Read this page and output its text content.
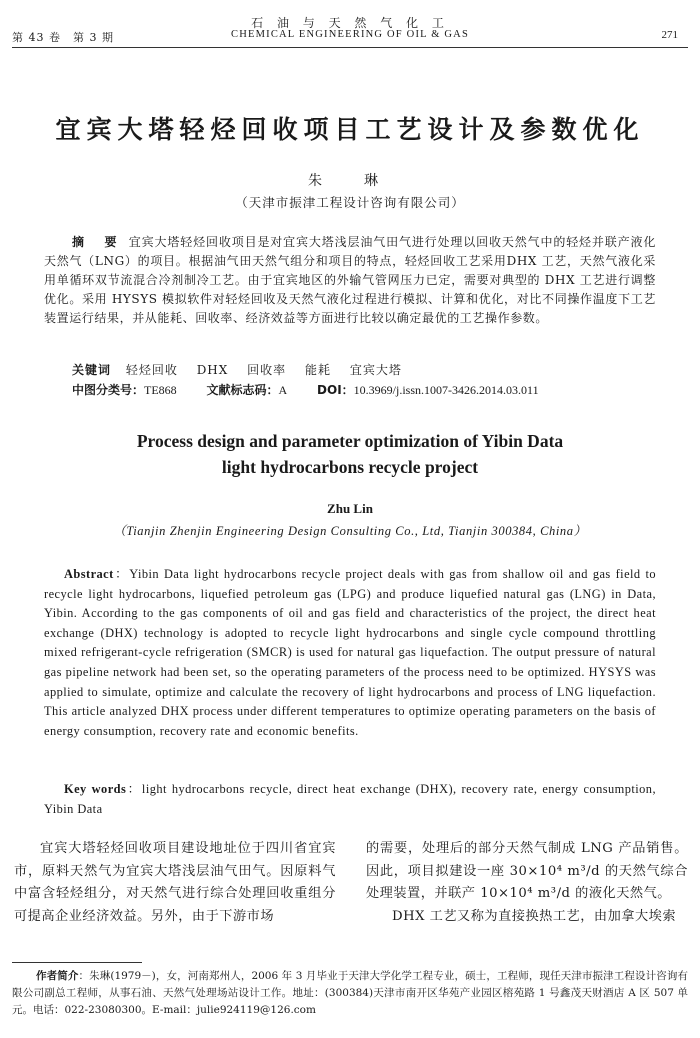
第 43 卷　第 3 期
石 油 与 天 然 气 化 工
CHEMICAL ENGINEERING OF OIL & GAS	271
宜宾大塔轻烃回收项目工艺设计及参数优化
朱　琳
（天津市振津工程设计咨询有限公司）
摘　要 宜宾大塔轻烃回收项目是对宜宾大塔浅层油气田气进行处理以回收天然气中的轻烃并联产液化天然气（LNG）的项目。根据油气田天然气组分和项目的特点，轻烃回收工艺采用DHX 工艺，天然气液化采用单循环双节流混合冷剂制冷工艺。由于宜宾地区的外输气管网压力已定，需要对典型的 DHX 工艺进行调整优化。采用 HYSYS 模拟软件对轻烃回收及天然气液化过程进行模拟、计算和优化，对比不同操作温度下工艺装置运行结果，并从能耗、回收率、经济效益等方面进行比较以确定最优的工艺操作参数。
关键词 轻烃回收 DHX 回收率 能耗 宜宾大塔
中图分类号：TE868 文献标志码：A DOI：10.3969/j.issn.1007-3426.2014.03.011
Process design and parameter optimization of Yibin Data
light hydrocarbons recycle project
Zhu Lin
（Tianjin Zhenjin Engineering Design Consulting Co., Ltd, Tianjin 300384, China）
Abstract：Yibin Data light hydrocarbons recycle project deals with gas from shallow oil and gas field to recycle light hydrocarbons, liquefied petroleum gas (LPG) and produce liquefied natural gas (LNG) in Data, Yibin. According to the gas components of oil and gas field and characteristics of the project, the direct heat exchange (DHX) technology is adopted to recycle light hydrocarbons and single cycle compound throttling mixed refrigerant-cycle refrigeration (SMCR) is used for natural gas liquefaction. The output pressure of natural gas pipeline network had been set, so the operating parameters of the process need to be optimized. HYSYS was applied to simulate, optimize and calculate the recovery of light hydrocarbons and process of LNG liquefaction. This article analyzed DHX process under different temperatures to optimize operating parameters on the basis of energy consumption, recovery rate and economic benefits.
Key words：light hydrocarbons recycle, direct heat exchange (DHX), recovery rate, energy consumption, Yibin Data
宜宾大塔轻烃回收项目建设地址位于四川省宜宾市，原料天然气为宜宾大塔浅层油气田气。因原料气中富含轻烃组分，对天然气进行综合处理回收重组分可提高企业经济效益。另外，由于下游市场

的需要，处理后的部分天然气制成 LNG 产品销售。因此，项目拟建设一座 30×10⁴ m³/d 的天然气综合处理装置，并联产 10×10⁴ m³/d 的液化天然气。

DHX 工艺又称为直接换热工艺，由加拿大埃索

作者简介：朱琳(1979－)，女，河南郑州人，2006 年 3 月毕业于天津大学化学工程专业，硕士，工程师，现任天津市振津工程设计咨询有限公司副总工程师，从事石油、天然气处理场站设计工作。地址：(300384)天津市南开区华苑产业园区榕苑路 1 号鑫茂天财酒店 A 区 507 单元。电话：022-23080300。E-mail：julie924119@126.com
